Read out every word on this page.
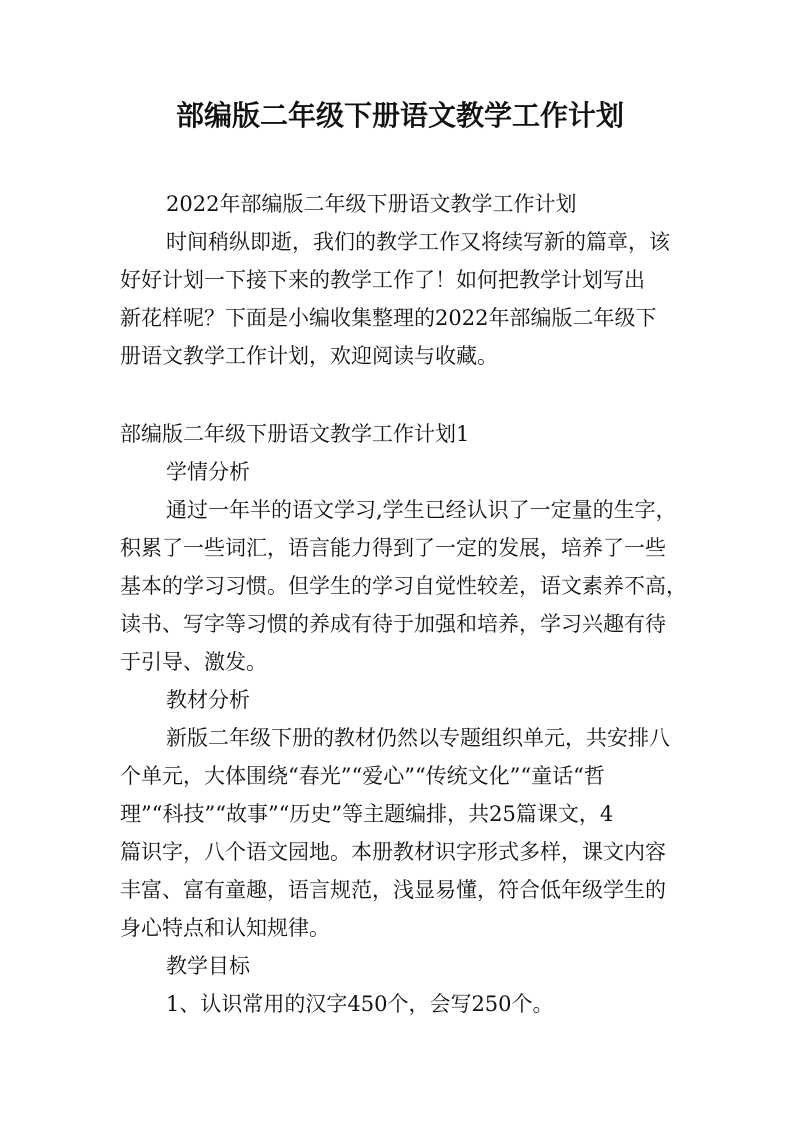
部编版二年级下册语文教学工作计划
2022年部编版二年级下册语文教学工作计划
时间稍纵即逝，我们的教学工作又将续写新的篇章，该
好好计划一下接下来的教学工作了！如何把教学计划写出
新花样呢？下面是小编收集整理的2022年部编版二年级下
册语文教学工作计划，欢迎阅读与收藏。
部编版二年级下册语文教学工作计划1
学情分析
通过一年半的语文学习,学生已经认识了一定量的生字，
积累了一些词汇，语言能力得到了一定的发展，培养了一些
基本的学习习惯。但学生的学习自觉性较差，语文素养不高，
读书、写字等习惯的养成有待于加强和培养，学习兴趣有待
于引导、激发。
教材分析
新版二年级下册的教材仍然以专题组织单元，共安排八
个单元，大体围绕“春光”“爱心”“传统文化”“童话“哲
理”“科技”“故事”“历史”等主题编排，共25篇课文，4
篇识字，八个语文园地。本册教材识字形式多样，课文内容
丰富、富有童趣，语言规范，浅显易懂，符合低年级学生的
身心特点和认知规律。
教学目标
1、认识常用的汉字450个，会写250个。
